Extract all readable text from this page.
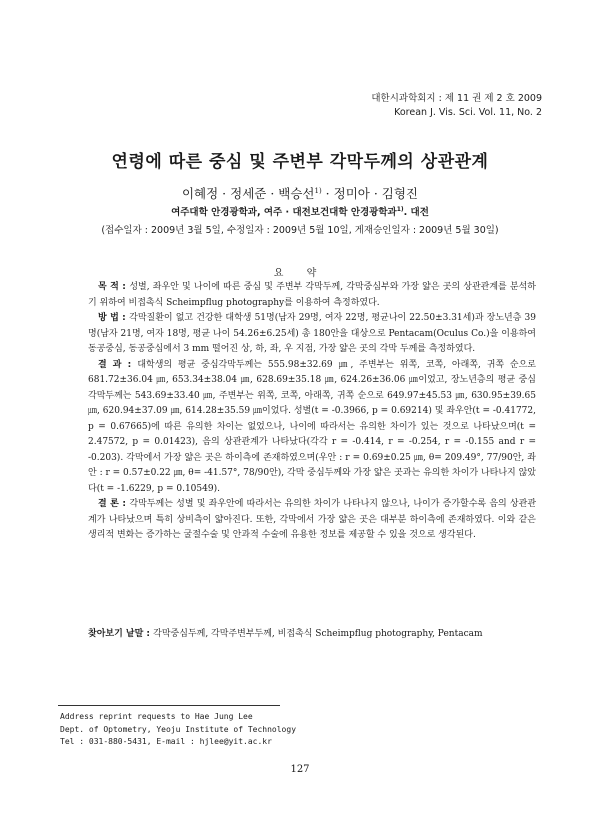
대한시과학회지 : 제 11 권 제 2 호 2009
Korean J. Vis. Sci. Vol. 11, No. 2
연령에 따른 중심 및 주변부 각막두께의 상관관계
이혜정 · 정세준 · 백승선$^{1)}$ · 정미아 · 김형진
여주대학 안경광학과, 여주 · 대전보건대학 안경광학과$^{1)}$. 대전
(접수일자 : 2009년 3월 5일, 수정일자 : 2009년 5월 10일, 게재승인일자 : 2009년 5월 30일)
요 약

목 적 : 성별, 좌우안 및 나이에 따른 중심 및 주변부 각막두께, 각막중심부와 가장 얇은 곳의 상관관계를 분석하기 위하여 비접촉식 Scheimpflug photography를 이용하여 측정하였다.

방 법 : 각막질환이 없고 건강한 대학생 51명(남자 29명, 여자 22명, 평균나이 22.50±3.31세)과 장노년층 39명(남자 21명, 여자 18명, 평균 나이 54.26±6.25세) 총 180안을 대상으로 Pentacam(Oculus Co.)을 이용하여 동공중심, 동공중심에서 3 mm 떨어진 상, 하, 좌, 우 지점, 가장 얇은 곳의 각막 두께를 측정하였다.

결 과 : 대학생의 평균 중심각막두께는 555.98±32.69 ㎛, 주변부는 위쪽, 코쪽, 아래쪽, 귀쪽 순으로 681.72±36.04 ㎛, 653.34±38.04 ㎛, 628.69±35.18 ㎛, 624.26±36.06 ㎛이었고, 장노년층의 평균 중심각막두께는 543.69±33.40 ㎛, 주변부는 위쪽, 코쪽, 아래쪽, 귀쪽 순으로 649.97±45.53 ㎛, 630.95±39.65 ㎛, 620.94±37.09 ㎛, 614.28±35.59 ㎛이었다. 성별(t = -0.3966, p = 0.69214) 및 좌우안(t = -0.41772, p = 0.67665)에 따른 유의한 차이는 없었으나, 나이에 따라서는 유의한 차이가 있는 것으로 나타났으며(t = 2.47572, p = 0.01423), 음의 상관관계가 나타났다(각각 r = -0.414, r = -0.254, r = -0.155 and r = -0.203). 각막에서 가장 얇은 곳은 하이측에 존재하였으며(우안 : r = 0.69±0.25 ㎛, θ= 209.49°, 77/90안, 좌안 : r = 0.57±0.22 ㎛, θ= -41.57°, 78/90안), 각막 중심두께와 가장 얇은 곳과는 유의한 차이가 나타나지 않았다(t = -1.6229, p = 0.10549).

결 론 : 각막두께는 성별 및 좌우안에 따라서는 유의한 차이가 나타나지 않으나, 나이가 증가할수록 음의 상관관계가 나타났으며 특히 상비측이 얇아진다. 또한, 각막에서 가장 얇은 곳은 대부분 하이측에 존재하였다. 이와 같은 생리적 변화는 증가하는 굴절수술 및 안과적 수술에 유용한 정보를 제공할 수 있을 것으로 생각된다.

찾아보기 낱말 : 각막중심두께, 각막주변부두께, 비접촉식 Scheimpflug photography, Pentacam
Address reprint requests to Hae Jung Lee
Dept. of Optometry, Yeoju Institute of Technology
Tel : 031-880-5431, E-mail : hjlee@yit.ac.kr
127
